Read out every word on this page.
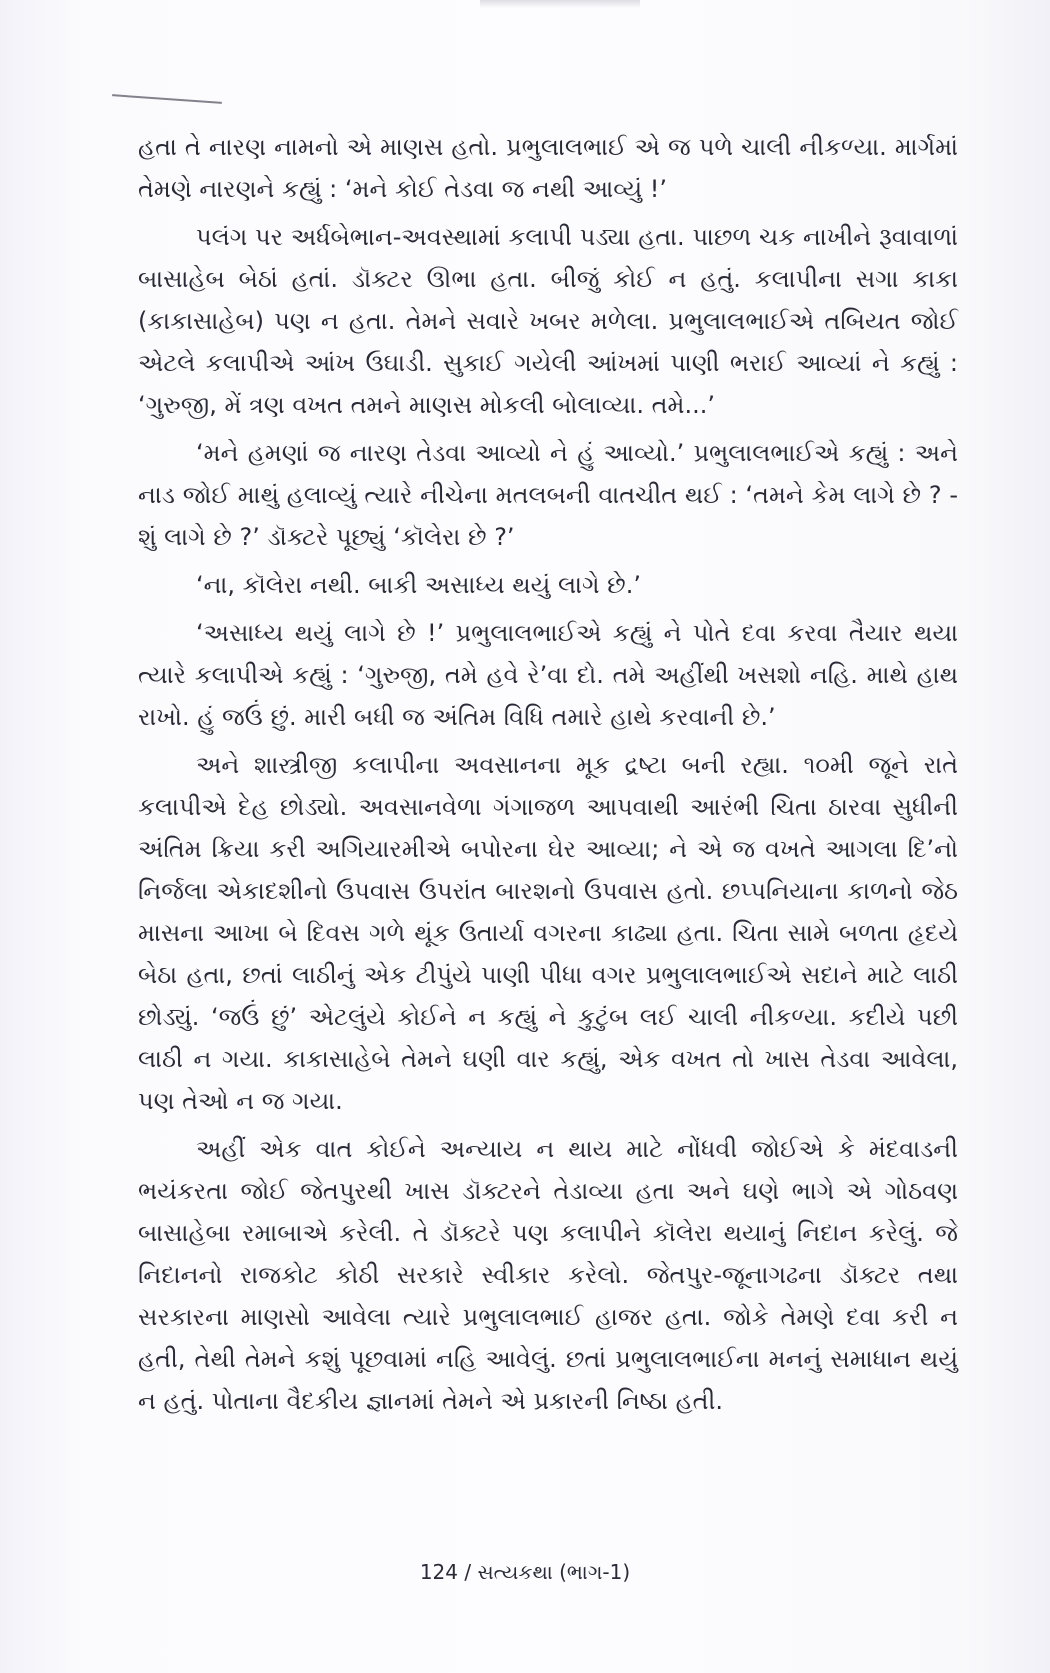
હતા તે નારણ નામનો એ માણસ હતો. પ્રભુલાલભાઈ એ જ પળે ચાલી નીકળ્યા. માર્ગમાં તેમણે નારણને કહ્યું : ‘મને કોઈ તેડવા જ નથી આવ્યું !’

પલંગ પર અર્ધબેભાન-અવસ્થામાં કલાપી પડ્યા હતા. પાછળ ચક નાખીને રૂવાવાળાં બાસાહેબ બેઠાં હતાં. ડૉક્ટર ઊભા હતા. બીજું કોઈ ન હતું. કલાપીના સગા કાકા (કાકાસાહેબ) પણ ન હતા. તેમને સવારે ખબર મળેલા. પ્રભુલાલભાઈએ તબિયત જોઈ એટલે કલાપીએ આંખ ઉઘાડી. સુકાઈ ગયેલી આંખમાં પાણી ભરાઈ આવ્યાં ને કહ્યું : ‘ગુરુજી, મેં ત્રણ વખત તમને માણસ મોકલી બોલાવ્યા. તમે...’

‘મને હમણાં જ નારણ તેડવા આવ્યો ને હું આવ્યો.’ પ્રભુલાલભાઈએ કહ્યું : અને નાડ જોઈ માથું હલાવ્યું ત્યારે નીચેના મતલબની વાતચીત થઈ : ‘તમને કેમ લાગે છે ? - શું લાગે છે ?’ ડૉક્ટરે પૂછ્યું ‘કૉલેરા છે ?’

‘ના, કૉલેરા નથી. બાકી અસાધ્ય થયું લાગે છે.’

‘અસાધ્ય થયું લાગે છે !’ પ્રભુલાલભાઈએ કહ્યું ને પોતે દવા કરવા તૈયાર થયા ત્યારે કલાપીએ કહ્યું : ‘ગુરુજી, તમે હવે રે’વા દો. તમે અહીંથી ખસશો નહિ. માથે હાથ રાખો. હું જઉં છું. મારી બધી જ અંતિમ વિધિ તમારે હાથે કરવાની છે.’

અને શાસ્ત્રીજી કલાપીના અવસાનના મૂક દ્રષ્ટા બની રહ્યા. ૧૦મી જૂને રાતે કલાપીએ દેહ છોડ્યો. અવસાનવેળા ગંગાજળ આપવાથી આરંભી ચિતા ઠારવા સુધીની અંતિમ ક્રિયા કરી અગિયારમીએ બપોરના ઘેર આવ્યા; ને એ જ વખતે આગલા દિ’નો નિર્જલા એકાદશીનો ઉપવાસ ઉપરાંત બારશનો ઉપવાસ હતો. છપ્પનિયાના કાળનો જેઠ માસના આખા બે દિવસ ગળે થૂંક ઉતાર્યા વગરના કાઢ્યા હતા. ચિતા સામે બળતા હૃદયે બેઠા હતા, છતાં લાઠીનું એક ટીપુંયે પાણી પીધા વગર પ્રભુલાલભાઈએ સદાને માટે લાઠી છોડ્યું. ‘જઉં છું’ એટલુંયે કોઈને ન કહ્યું ને કુટુંબ લઈ ચાલી નીકળ્યા. કદીયે પછી લાઠી ન ગયા. કાકાસાહેબે તેમને ઘણી વાર કહ્યું, એક વખત તો ખાસ તેડવા આવેલા, પણ તેઓ ન જ ગયા.

અહીં એક વાત કોઈને અન્યાય ન થાય માટે નોંધવી જોઈએ કે મંદવાડની ભયંકરતા જોઈ જેતપુરથી ખાસ ડૉક્ટરને તેડાવ્યા હતા અને ઘણે ભાગે એ ગોઠવણ બાસાહેબા રમાબાએ કરેલી. તે ડૉક્ટરે પણ કલાપીને કૉલેરા થયાનું નિદાન કરેલું. જે નિદાનનો રાજકોટ કોઠી સરકારે સ્વીકાર કરેલો. જેતપુર-જૂનાગઢના ડૉક્ટર તથા સરકારના માણસો આવેલા ત્યારે પ્રભુલાલભાઈ હાજર હતા. જોકે તેમણે દવા કરી ન હતી, તેથી તેમને કશું પૂછવામાં નહિ આવેલું. છતાં પ્રભુલાલભાઈના મનનું સમાધાન થયું ન હતું. પોતાના વૈદકીય જ્ઞાનમાં તેમને એ પ્રકારની નિષ્ઠા હતી.

124 / સત્યકથા (ભાગ-1)
